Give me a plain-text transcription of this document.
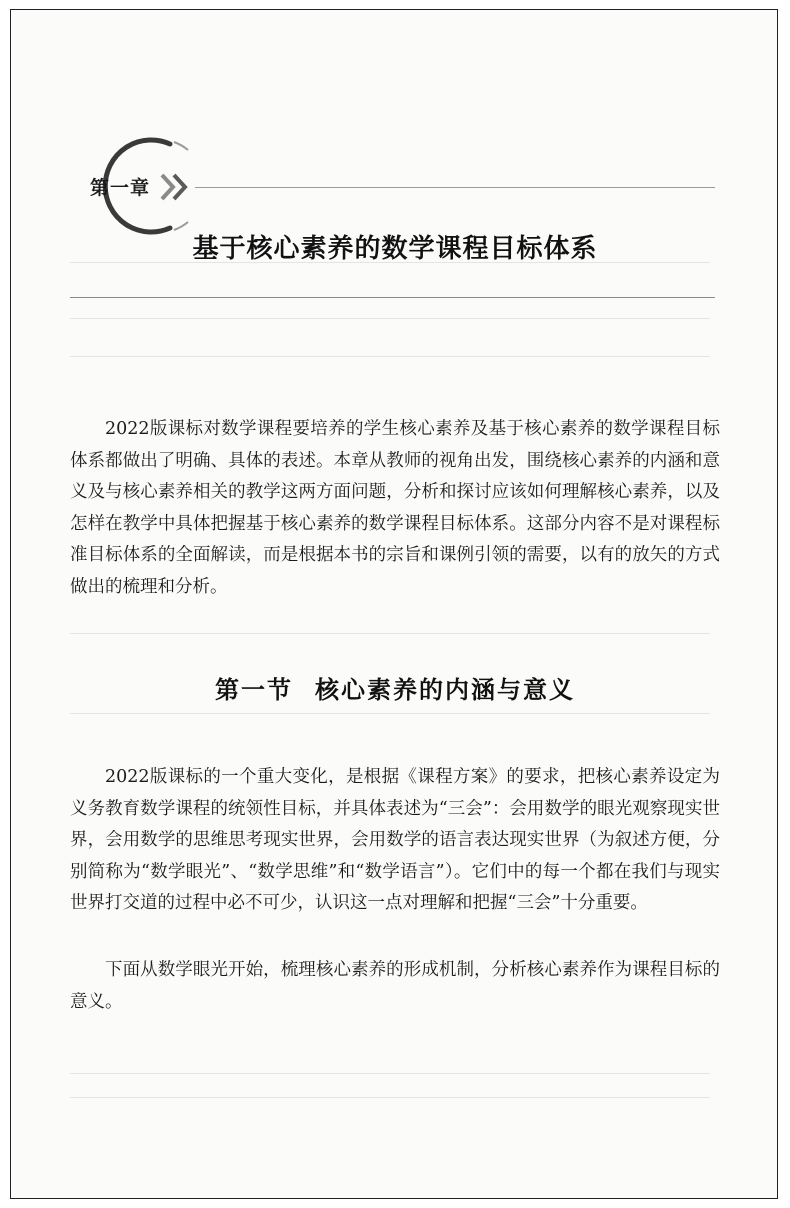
第一章
基于核心素养的数学课程目标体系

2022版课标对数学课程要培养的学生核心素养及基于核心素养的数学课程目标体系都做出了明确、具体的表述。本章从教师的视角出发，围绕核心素养的内涵和意义及与核心素养相关的教学这两方面问题，分析和探讨应该如何理解核心素养，以及怎样在教学中具体把握基于核心素养的数学课程目标体系。这部分内容不是对课程标准目标体系的全面解读，而是根据本书的宗旨和课例引领的需要，以有的放矢的方式做出的梳理和分析。

第一节 核心素养的内涵与意义

2022版课标的一个重大变化，是根据《课程方案》的要求，把核心素养设定为义务教育数学课程的统领性目标，并具体表述为“三会”：会用数学的眼光观察现实世界，会用数学的思维思考现实世界，会用数学的语言表达现实世界（为叙述方便，分别简称为“数学眼光”、“数学思维”和“数学语言”）。它们中的每一个都在我们与现实世界打交道的过程中必不可少，认识这一点对理解和把握“三会”十分重要。

下面从数学眼光开始，梳理核心素养的形成机制，分析核心素养作为课程目标的意义。
